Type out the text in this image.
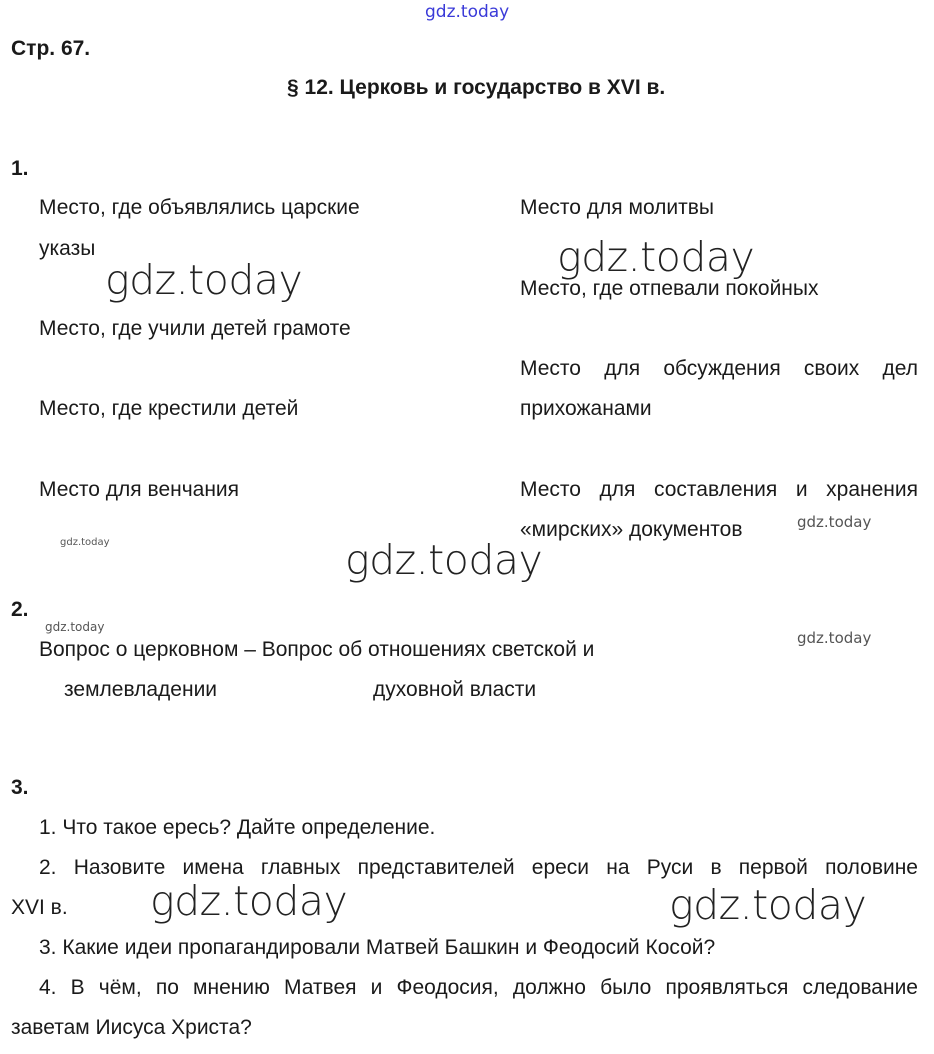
gdz.today
Стр. 67.
§ 12. Церковь и государство в XVI в.
1.
Место, где объявлялись царские
указы
Место, где учили детей грамоте
Место, где крестили детей
Место для венчания
Место для молитвы
Место, где отпевали покойных
Место для обсуждения своих дел
прихожанами
Место для составления и хранения
«мирских» документов
2.
Вопрос о церковном – Вопрос об отношениях светской и
землевладении	духовной власти
3.
1. Что такое ересь? Дайте определение.
2. Назовите имена главных представителей ереси на Руси в первой половине
XVI в.
3. Какие идеи пропагандировали Матвей Башкин и Феодосий Косой?
4. В чём, по мнению Матвея и Феодосия, должно было проявляться следование
заветам Иисуса Христа?
gdz.today	gdz.today
gdz.today
gdz.today	gdz.today
gdz.today
gdz.today
gdz.today
gdz.today
